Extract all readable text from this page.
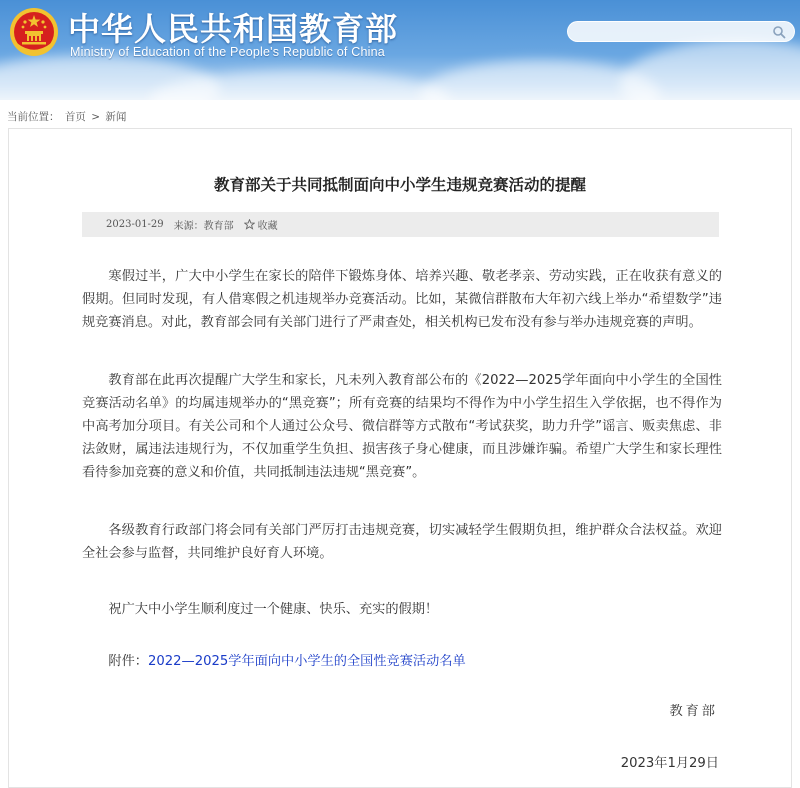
中华人民共和国教育部
Ministry of Education of the People's Republic of China
当前位置： 首页 > 新闻
教育部关于共同抵制面向中小学生违规竞赛活动的提醒
2023-01-29 来源： 教育部 收藏

寒假过半，广大中小学生在家长的陪伴下锻炼身体、培养兴趣、敬老孝亲、劳动实践，正在收获有意义的假期。但同时发现，有人借寒假之机违规举办竞赛活动。比如，某微信群散布大年初六线上举办“希望数学”违规竞赛消息。对此，教育部会同有关部门进行了严肃查处，相关机构已发布没有参与举办违规竞赛的声明。

教育部在此再次提醒广大学生和家长，凡未列入教育部公布的《2022—2025学年面向中小学生的全国性竞赛活动名单》的均属违规举办的“黑竞赛”；所有竞赛的结果均不得作为中小学生招生入学依据，也不得作为中高考加分项目。有关公司和个人通过公众号、微信群等方式散布“考试获奖，助力升学”谣言、贩卖焦虑、非法敛财，属违法违规行为，不仅加重学生负担、损害孩子身心健康，而且涉嫌诈骗。希望广大学生和家长理性看待参加竞赛的意义和价值，共同抵制违法违规“黑竞赛”。

各级教育行政部门将会同有关部门严厉打击违规竞赛，切实减轻学生假期负担，维护群众合法权益。欢迎全社会参与监督，共同维护良好育人环境。

祝广大中小学生顺利度过一个健康、快乐、充实的假期！

附件：2022—2025学年面向中小学生的全国性竞赛活动名单
教育部
2023年1月29日
